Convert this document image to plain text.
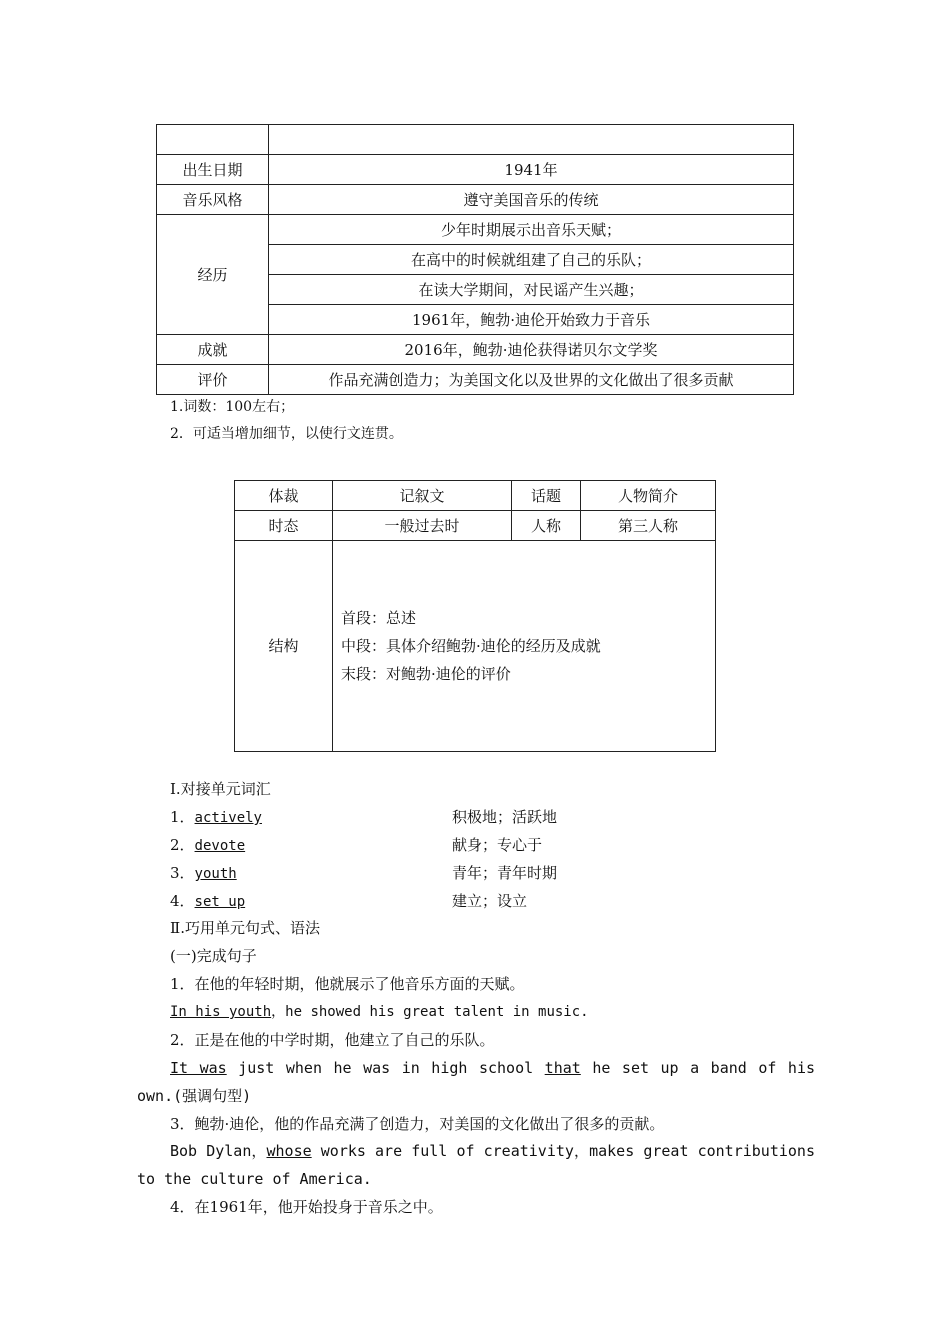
出生日期	1941年
音乐风格	遵守美国音乐的传统
经历	少年时期展示出音乐天赋；
	在高中的时候就组建了自己的乐队；
	在读大学期间，对民谣产生兴趣；
	1961年，鲍勃·迪伦开始致力于音乐
成就	2016年，鲍勃·迪伦获得诺贝尔文学奖
评价	作品充满创造力；为美国文化以及世界的文化做出了很多贡献
1.词数：100左右；
2．可适当增加细节，以使行文连贯。
体裁	记叙文	话题	人物简介
时态	一般过去时	人称	第三人称
结构	首段：总述
中段：具体介绍鲍勃·迪伦的经历及成就
末段：对鲍勃·迪伦的评价		
Ⅰ.对接单元词汇
1．actively	积极地；活跃地
2．devote	献身；专心于
3．youth	青年；青年时期
4．set up	建立；设立
Ⅱ.巧用单元句式、语法
(一)完成句子
1．在他的年轻时期，他就展示了他音乐方面的天赋。
In his youth，he showed his great talent in music.
2．正是在他的中学时期，他建立了自己的乐队。
It was just when he was in high school that he set up a band of his own.(强调句型)
3．鲍勃·迪伦，他的作品充满了创造力，对美国的文化做出了很多的贡献。
Bob Dylan，whose works are full of creativity，makes great contributions to the culture of America.
4．在1961年，他开始投身于音乐之中。
